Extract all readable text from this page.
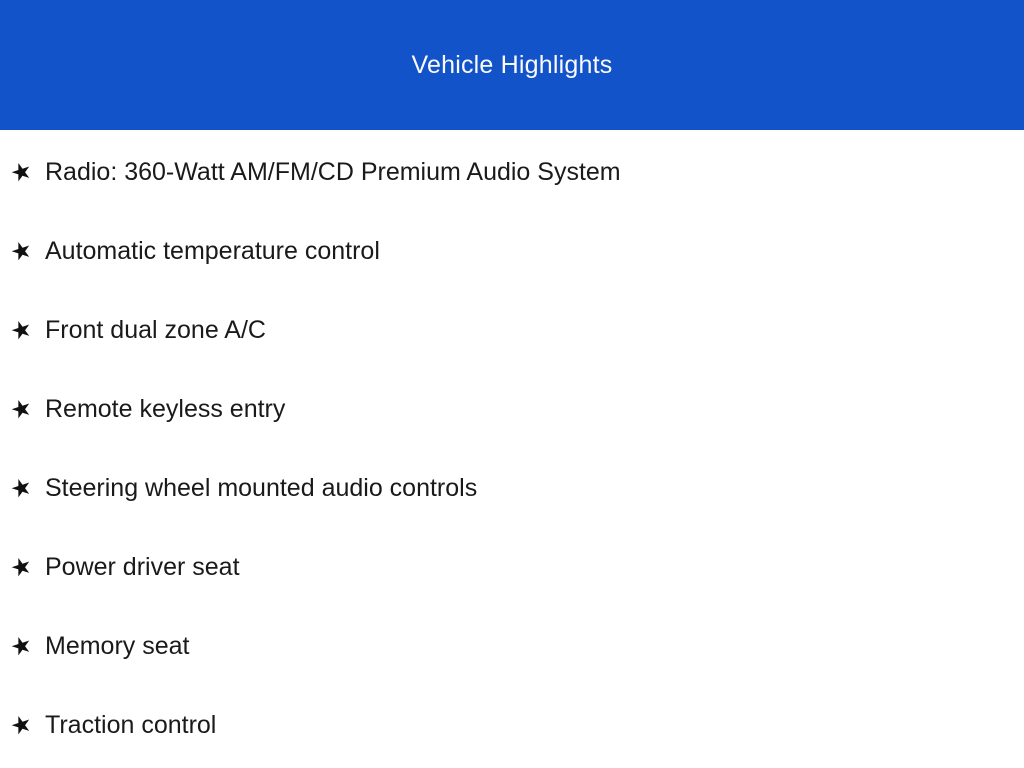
Vehicle Highlights
★ Radio: 360-Watt AM/FM/CD Premium Audio System
★ Automatic temperature control
★ Front dual zone A/C
★ Remote keyless entry
★ Steering wheel mounted audio controls
★ Power driver seat
★ Memory seat
★ Traction control
